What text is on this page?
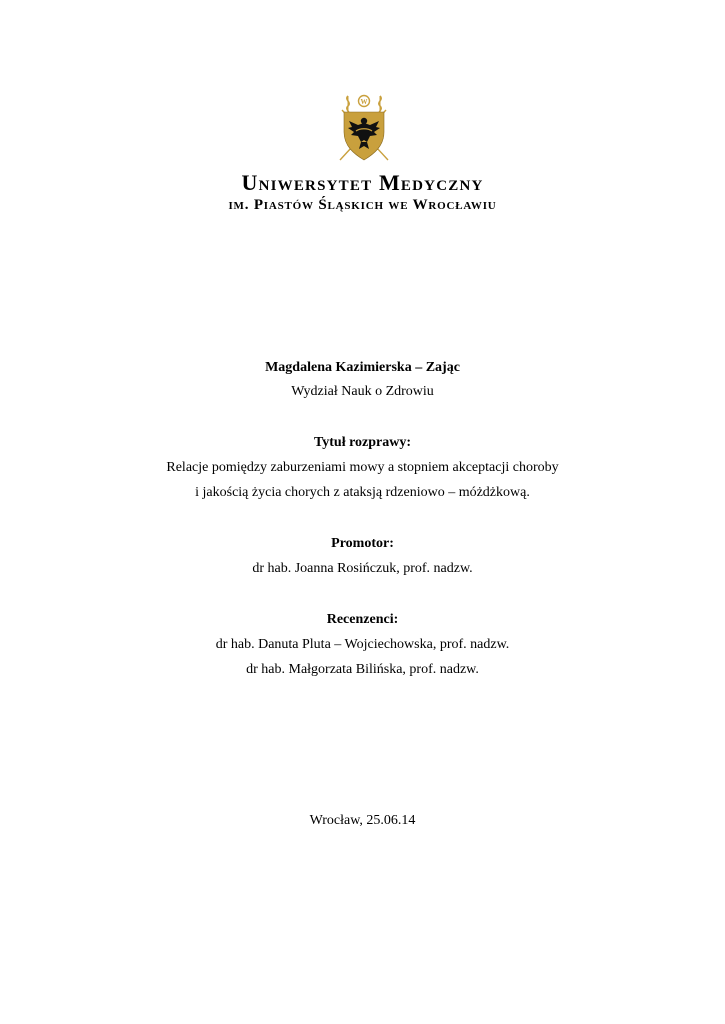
W
Uniwersytet Medyczny
im. Piastów Śląskich we Wrocławiu
Magdalena Kazimierska – Zając
Wydział Nauk o Zdrowiu
Tytuł rozprawy:
Relacje pomiędzy zaburzeniami mowy a stopniem akceptacji choroby
i jakością życia chorych z ataksją rdzeniowo – móżdżkową.
Promotor:
dr hab. Joanna Rosińczuk, prof. nadzw.
Recenzenci:
dr hab. Danuta Pluta – Wojciechowska, prof. nadzw.
dr hab. Małgorzata Bilińska, prof. nadzw.
Wrocław, 25.06.14
